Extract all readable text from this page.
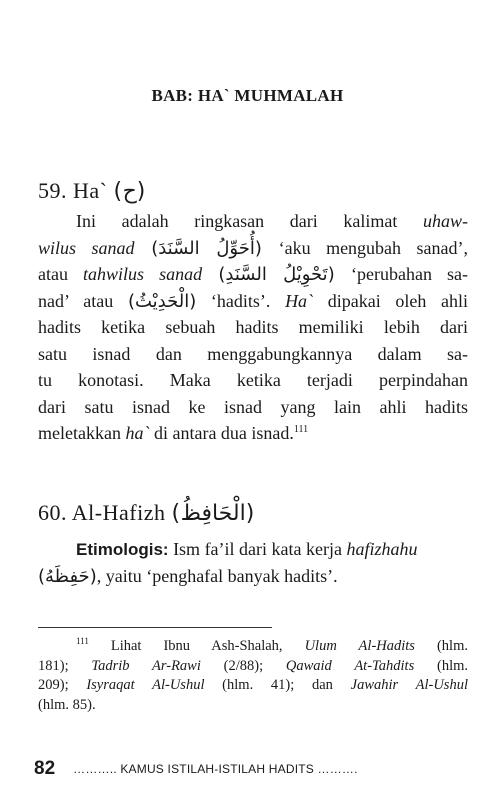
BAB: HA` MUHMALAH
59. Ha` (ح)
Ini adalah ringkasan dari kalimat uhaw-
wilus sanad (أُحَوِّلُ السَّنَدَ) ‘aku mengubah sanad’,
atau tahwilus sanad (تَحْوِيْلُ السَّنَدِ) ‘perubahan sa-
nad’ atau (الْحَدِيْثُ) ‘hadits’. Ha` dipakai oleh ahli
hadits ketika sebuah hadits memiliki lebih dari
satu isnad dan menggabungkannya dalam sa-
tu konotasi. Maka ketika terjadi perpindahan
dari satu isnad ke isnad yang lain ahli hadits
meletakkan ha` di antara dua isnad.$^{111}$
60. Al-Hafizh (الْحَافِظُ)
Etimologis: Ism fa’il dari kata kerja hafizhahu
(حَفِظَهُ), yaitu ‘penghafal banyak hadits’.
$^{111}$ Lihat Ibnu Ash-Shalah, Ulum Al-Hadits (hlm.
181); Tadrib Ar-Rawi (2/88); Qawaid At-Tahdits (hlm.
209); Isyraqat Al-Ushul (hlm. 41); dan Jawahir Al-Ushul
(hlm. 85).
82 ……….. KAMUS ISTILAH-ISTILAH HADITS ……….
